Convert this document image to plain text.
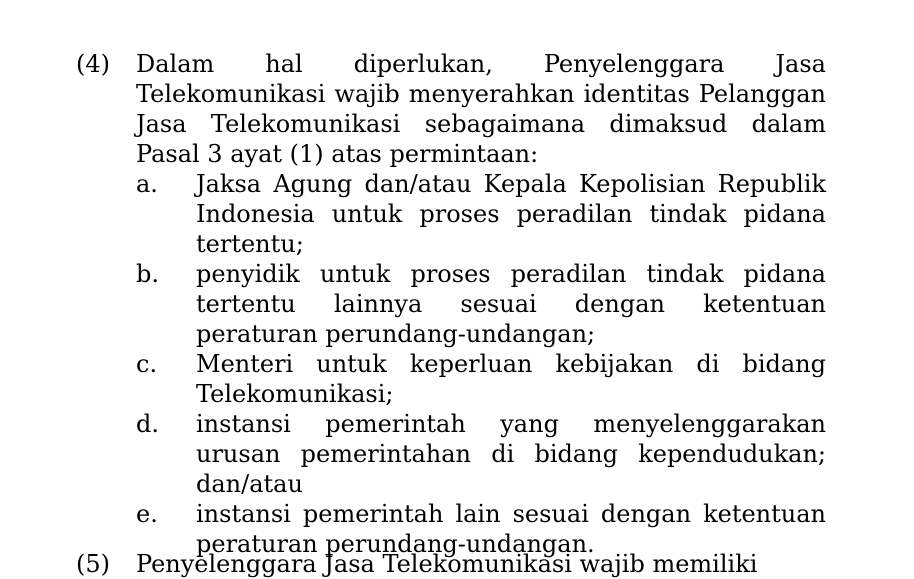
(4) Dalam hal diperlukan, Penyelenggara Jasa Telekomunikasi wajib menyerahkan identitas Pelanggan Jasa Telekomunikasi sebagaimana dimaksud dalam Pasal 3 ayat (1) atas permintaan:
a. Jaksa Agung dan/atau Kepala Kepolisian Republik Indonesia untuk proses peradilan tindak pidana tertentu;
b. penyidik untuk proses peradilan tindak pidana tertentu lainnya sesuai dengan ketentuan peraturan perundang-undangan;
c. Menteri untuk keperluan kebijakan di bidang Telekomunikasi;
d. instansi pemerintah yang menyelenggarakan urusan pemerintahan di bidang kependudukan; dan/atau
e. instansi pemerintah lain sesuai dengan ketentuan peraturan perundang-undangan.
(5) Penyelenggara Jasa Telekomunikasi wajib memiliki
